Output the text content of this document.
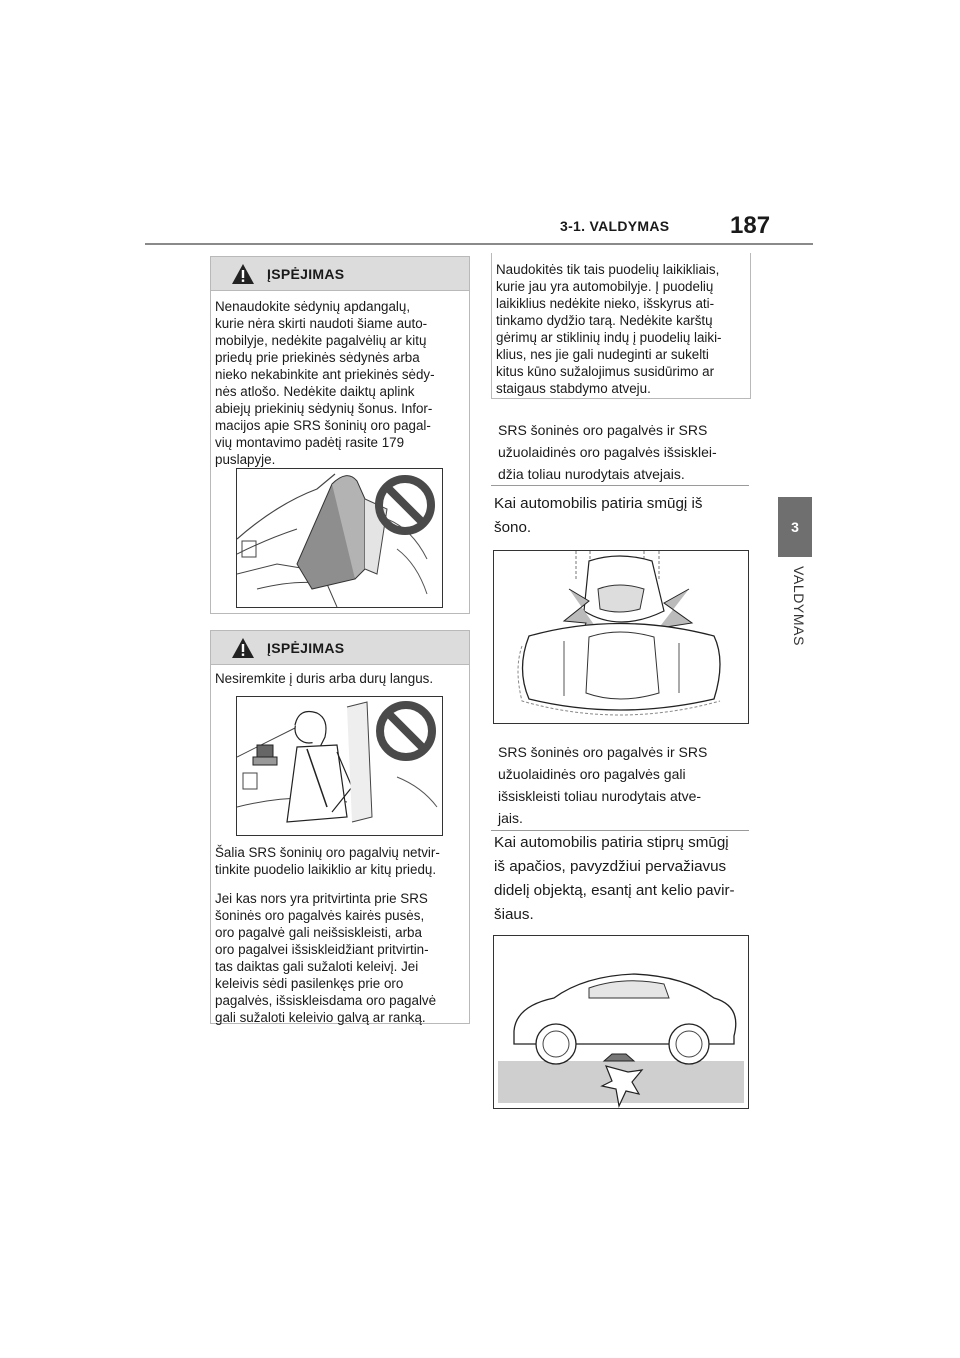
3-1. VALDYMAS	187
3
VALDYMAS
ĮSPĖJIMAS

Nenaudokite sėdynių apdangalų,

kurie nėra skirti naudoti šiame auto-

mobilyje, nedėkite pagalvėlių ar kitų

priedų prie priekinės sėdynės arba

nieko nekabinkite ant priekinės sėdy-

nės atlošo. Nedėkite daiktų aplink

abiejų priekinių sėdynių šonus. Infor-

macijos apie SRS šoninių oro pagal-

vių montavimo padėtį rasite 179

puslapyje.

ĮSPĖJIMAS

Nesiremkite į duris arba durų langus.

Šalia SRS šoninių oro pagalvių netvir-

tinkite puodelio laikiklio ar kitų priedų.

Jei kas nors yra pritvirtinta prie SRS

šoninės oro pagalvės kairės pusės,

oro pagalvė gali neišsiskleisti, arba

oro pagalvei išsiskleidžiant pritvirtin-

tas daiktas gali sužaloti keleivį. Jei

keleivis sėdi pasilenkęs prie oro

pagalvės, išsiskleisdama oro pagalvė

gali sužaloti keleivio galvą ar ranką.

Naudokitės tik tais puodelių laikikliais,

kurie jau yra automobilyje. Į puodelių

laikiklius nedėkite nieko, išskyrus ati-

tinkamo dydžio tarą. Nedėkite karštų

gėrimų ar stiklinių indų į puodelių laiki-

klius, nes jie gali nudeginti ar sukelti

kitus kūno sužalojimus susidūrimo ar

staigaus stabdymo atveju.

SRS šoninės oro pagalvės ir SRS

užuolaidinės oro pagalvės išsisklei-

džia toliau nurodytais atvejais.

Kai automobilis patiria smūgį iš

šono.

SRS šoninės oro pagalvės ir SRS

užuolaidinės oro pagalvės gali

išsiskleisti toliau nurodytais atve-

jais.

Kai automobilis patiria stiprų smūgį

iš apačios, pavyzdžiui pervažiavus

didelį objektą, esantį ant kelio pavir-

šiaus.
